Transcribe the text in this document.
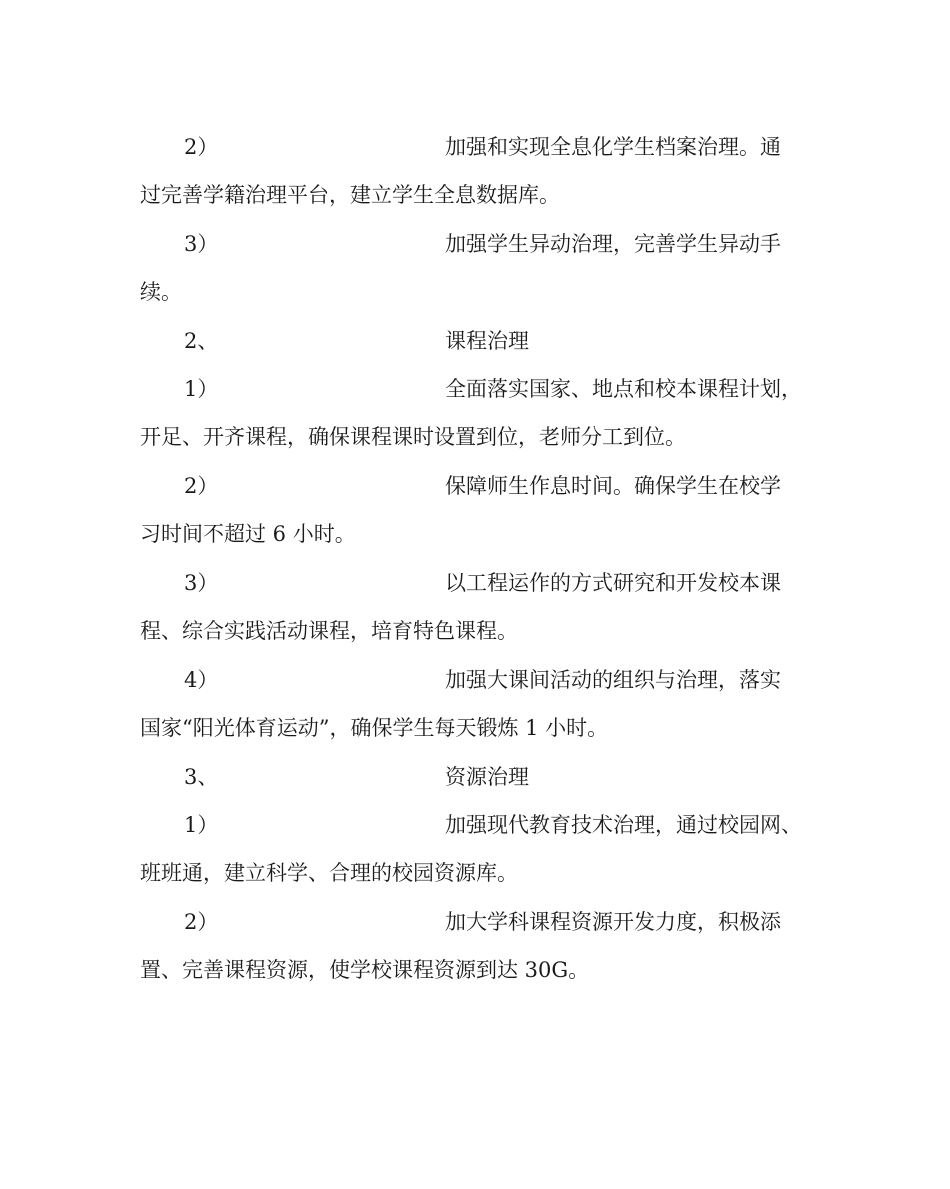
2）	加强和实现全息化学生档案治理。通
过完善学籍治理平台，建立学生全息数据库。
3）	加强学生异动治理，完善学生异动手
续。
2、	课程治理
1）	全面落实国家、地点和校本课程计划，
开足、开齐课程，确保课程课时设置到位，老师分工到位。
2）	保障师生作息时间。确保学生在校学
习时间不超过 6 小时。
3）	以工程运作的方式研究和开发校本课
程、综合实践活动课程，培育特色课程。
4）	加强大课间活动的组织与治理，落实
国家“阳光体育运动”，确保学生每天锻炼 1 小时。
3、	资源治理
1）	加强现代教育技术治理，通过校园网、
班班通，建立科学、合理的校园资源库。
2）	加大学科课程资源开发力度，积极添
置、完善课程资源，使学校课程资源到达 30G。
